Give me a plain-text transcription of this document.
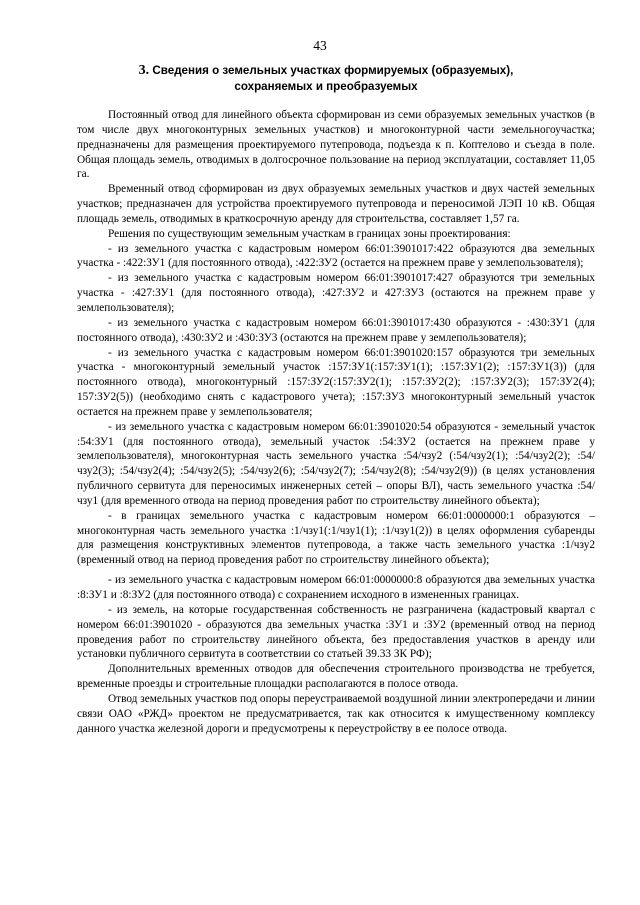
43
3. Сведения о земельных участках формируемых (образуемых), сохраняемых и преобразуемых

Постоянный отвод для линейного объекта сформирован из семи образуемых земельных участков (в том числе двух многоконтурных земельных участков) и многоконтурной части земельногоучастка; предназначены для размещения проектируемого путепровода, подъезда к п. Коптелово и съезда в поле. Общая площадь земель, отводимых в долгосрочное пользование на период эксплуатации, составляет 11,05 га.

Временный отвод сформирован из двух образуемых земельных участков и двух частей земельных участков; предназначен для устройства проектируемого путепровода и переносимой ЛЭП 10 кВ. Общая площадь земель, отводимых в краткосрочную аренду для строительства, составляет 1,57 га.

Решения по существующим земельным участкам в границах зоны проектирования:

- из земельного участка с кадастровым номером 66:01:3901017:422 образуются два земельных участка - :422:ЗУ1 (для постоянного отвода), :422:ЗУ2 (остается на прежнем праве у землепользователя);

- из земельного участка с кадастровым номером 66:01:3901017:427 образуются три земельных участка - :427:ЗУ1 (для постоянного отвода), :427:ЗУ2 и 427:ЗУ3 (остаются на прежнем праве у землепользователя);

- из земельного участка с кадастровым номером 66:01:3901017:430 образуются - :430:ЗУ1 (для постоянного отвода), :430:ЗУ2 и :430:ЗУ3 (остаются на прежнем праве у землепользователя);

- из земельного участка с кадастровым номером 66:01:3901020:157 образуются три земельных участка - многоконтурный земельный участок :157:ЗУ1(:157:ЗУ1(1); :157:ЗУ1(2); :157:ЗУ1(3)) (для постоянного отвода), многоконтурный :157:ЗУ2(:157:ЗУ2(1); :157:ЗУ2(2); :157:ЗУ2(3); 157:ЗУ2(4); 157:ЗУ2(5)) (необходимо снять с кадастрового учета); :157:ЗУ3 многоконтурный земельный участок остается на прежнем праве у землепользователя;

- из земельного участка с кадастровым номером 66:01:3901020:54 образуются - земельный участок :54:ЗУ1 (для постоянного отвода), земельный участок :54:ЗУ2 (остается на прежнем праве у землепользователя), многоконтурная часть земельного участка :54/чзу2 (:54/чзу2(1); :54/чзу2(2); :54/чзу2(3); :54/чзу2(4); :54/чзу2(5); :54/чзу2(6); :54/чзу2(7); :54/чзу2(8); :54/чзу2(9)) (в целях установления публичного сервитута для переносимых инженерных сетей – опоры ВЛ), часть земельного участка :54/чзу1 (для временного отвода на период проведения работ по строительству линейного объекта);

- в границах земельного участка с кадастровым номером 66:01:0000000:1 образуются – многоконтурная часть земельного участка :1/чзу1(:1/чзу1(1); :1/чзу1(2)) в целях оформления субаренды для размещения конструктивных элементов путепровода, а также часть земельного участка :1/чзу2 (временный отвод на период проведения работ по строительству линейного объекта);

- из земельного участка с кадастровым номером 66:01:0000000:8 образуются два земельных участка :8:ЗУ1 и :8:ЗУ2 (для постоянного отвода) с сохранением исходного в измененных границах.

- из земель, на которые государственная собственность не разграничена (кадастровый квартал с номером 66:01:3901020 - образуются два земельных участка :ЗУ1 и :ЗУ2 (временный отвод на период проведения работ по строительству линейного объекта, без предоставления участков в аренду или установки публичного сервитута в соответствии со статьей 39.33 ЗК РФ);

Дополнительных временных отводов для обеспечения строительного производства не требуется, временные проезды и строительные площадки располагаются в полосе отвода.

Отвод земельных участков под опоры переустраиваемой воздушной линии электропередачи и линии связи ОАО «РЖД» проектом не предусматривается, так как относится к имущественному комплексу данного участка железной дороги и предусмотрены к переустройству в ее полосе отвода.
